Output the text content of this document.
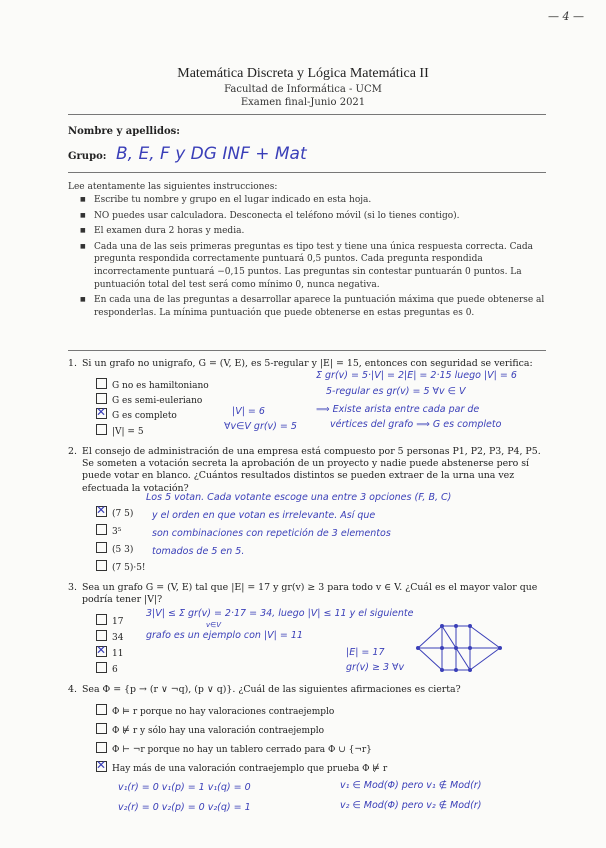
— 4 —
Matemática Discreta y Lógica Matemática II
Facultad de Informática - UCM
Examen final-Junio 2021
Nombre y apellidos:
Grupo: B, E, F y DG INF + Mat
Lee atentamente las siguientes instrucciones:
■ Escribe tu nombre y grupo en el lugar indicado en esta hoja.
■ NO puedes usar calculadora. Desconecta el teléfono móvil (si lo tienes contigo).
■ El examen dura 2 horas y media.
■ Cada una de las seis primeras preguntas es tipo test y tiene una única respuesta correcta. Cada pregunta respondida correctamente puntuará 0,5 puntos. Cada pregunta respondida incorrectamente puntuará −0,15 puntos. Las preguntas sin contestar puntuarán 0 puntos. La puntuación total del test será como mínimo 0, nunca negativa.
■ En cada una de las preguntas a desarrollar aparece la puntuación máxima que puede obtenerse al responderlas. La mínima puntuación que puede obtenerse en estas preguntas es 0.
1. Si un grafo no unigrafo, G = (V, E), es 5-regular y |E| = 15, entonces con seguridad se verifica:
G no es hamiltoniano
G es semi-euleriano
✕G es completo
|V| = 5
Σ gr(v) = 5·|V| = 2|E| = 2·15 luego |V| = 6
5-regular es gr(v) = 5 ∀v ∈ V
|V| = 6
∀v∈V gr(v) = 5
⟹ Existe arista entre cada par de
vértices del grafo ⟹ G es completo
2. El consejo de administración de una empresa está compuesto por 5 personas P1, P2, P3, P4, P5. Se someten a votación secreta la aprobación de un proyecto y nadie puede abstenerse pero sí puede votar en blanco. ¿Cuántos resultados distintos se pueden extraer de la urna una vez efectuada la votación?
✕(7 5)
3⁵
(5 3)
(7 5)·5!
Los 5 votan. Cada votante escoge una entre 3 opciones (F, B, C)
y el orden en que votan es irrelevante. Así que
son combinaciones con repetición de 3 elementos
tomados de 5 en 5.
3. Sea un grafo G = (V, E) tal que |E| = 17 y gr(v) ≥ 3 para todo v ∈ V. ¿Cuál es el mayor valor que podría tener |V|?
17
34
✕11
6
3|V| ≤ Σ gr(v) = 2·17 = 34, luego |V| ≤ 11 y el siguiente
v∈V
grafo es un ejemplo con |V| = 11
|E| = 17
gr(v) ≥ 3 ∀v
4. Sea Φ = {p → (r ∨ ¬q), (p ∨ q)}. ¿Cuál de las siguientes afirmaciones es cierta?
Φ ⊨ r porque no hay valoraciones contraejemplo
Φ ⊭ r y sólo hay una valoración contraejemplo
Φ ⊢ ¬r porque no hay un tablero cerrado para Φ ∪ {¬r}
✕Hay más de una valoración contraejemplo que prueba Φ ⊭ r
v₁(r) = 0 v₁(p) = 1 v₁(q) = 0	v₁ ∈ Mod(Φ) pero v₁ ∉ Mod(r)
v₂(r) = 0 v₂(p) = 0 v₂(q) = 1	v₂ ∈ Mod(Φ) pero v₂ ∉ Mod(r)
